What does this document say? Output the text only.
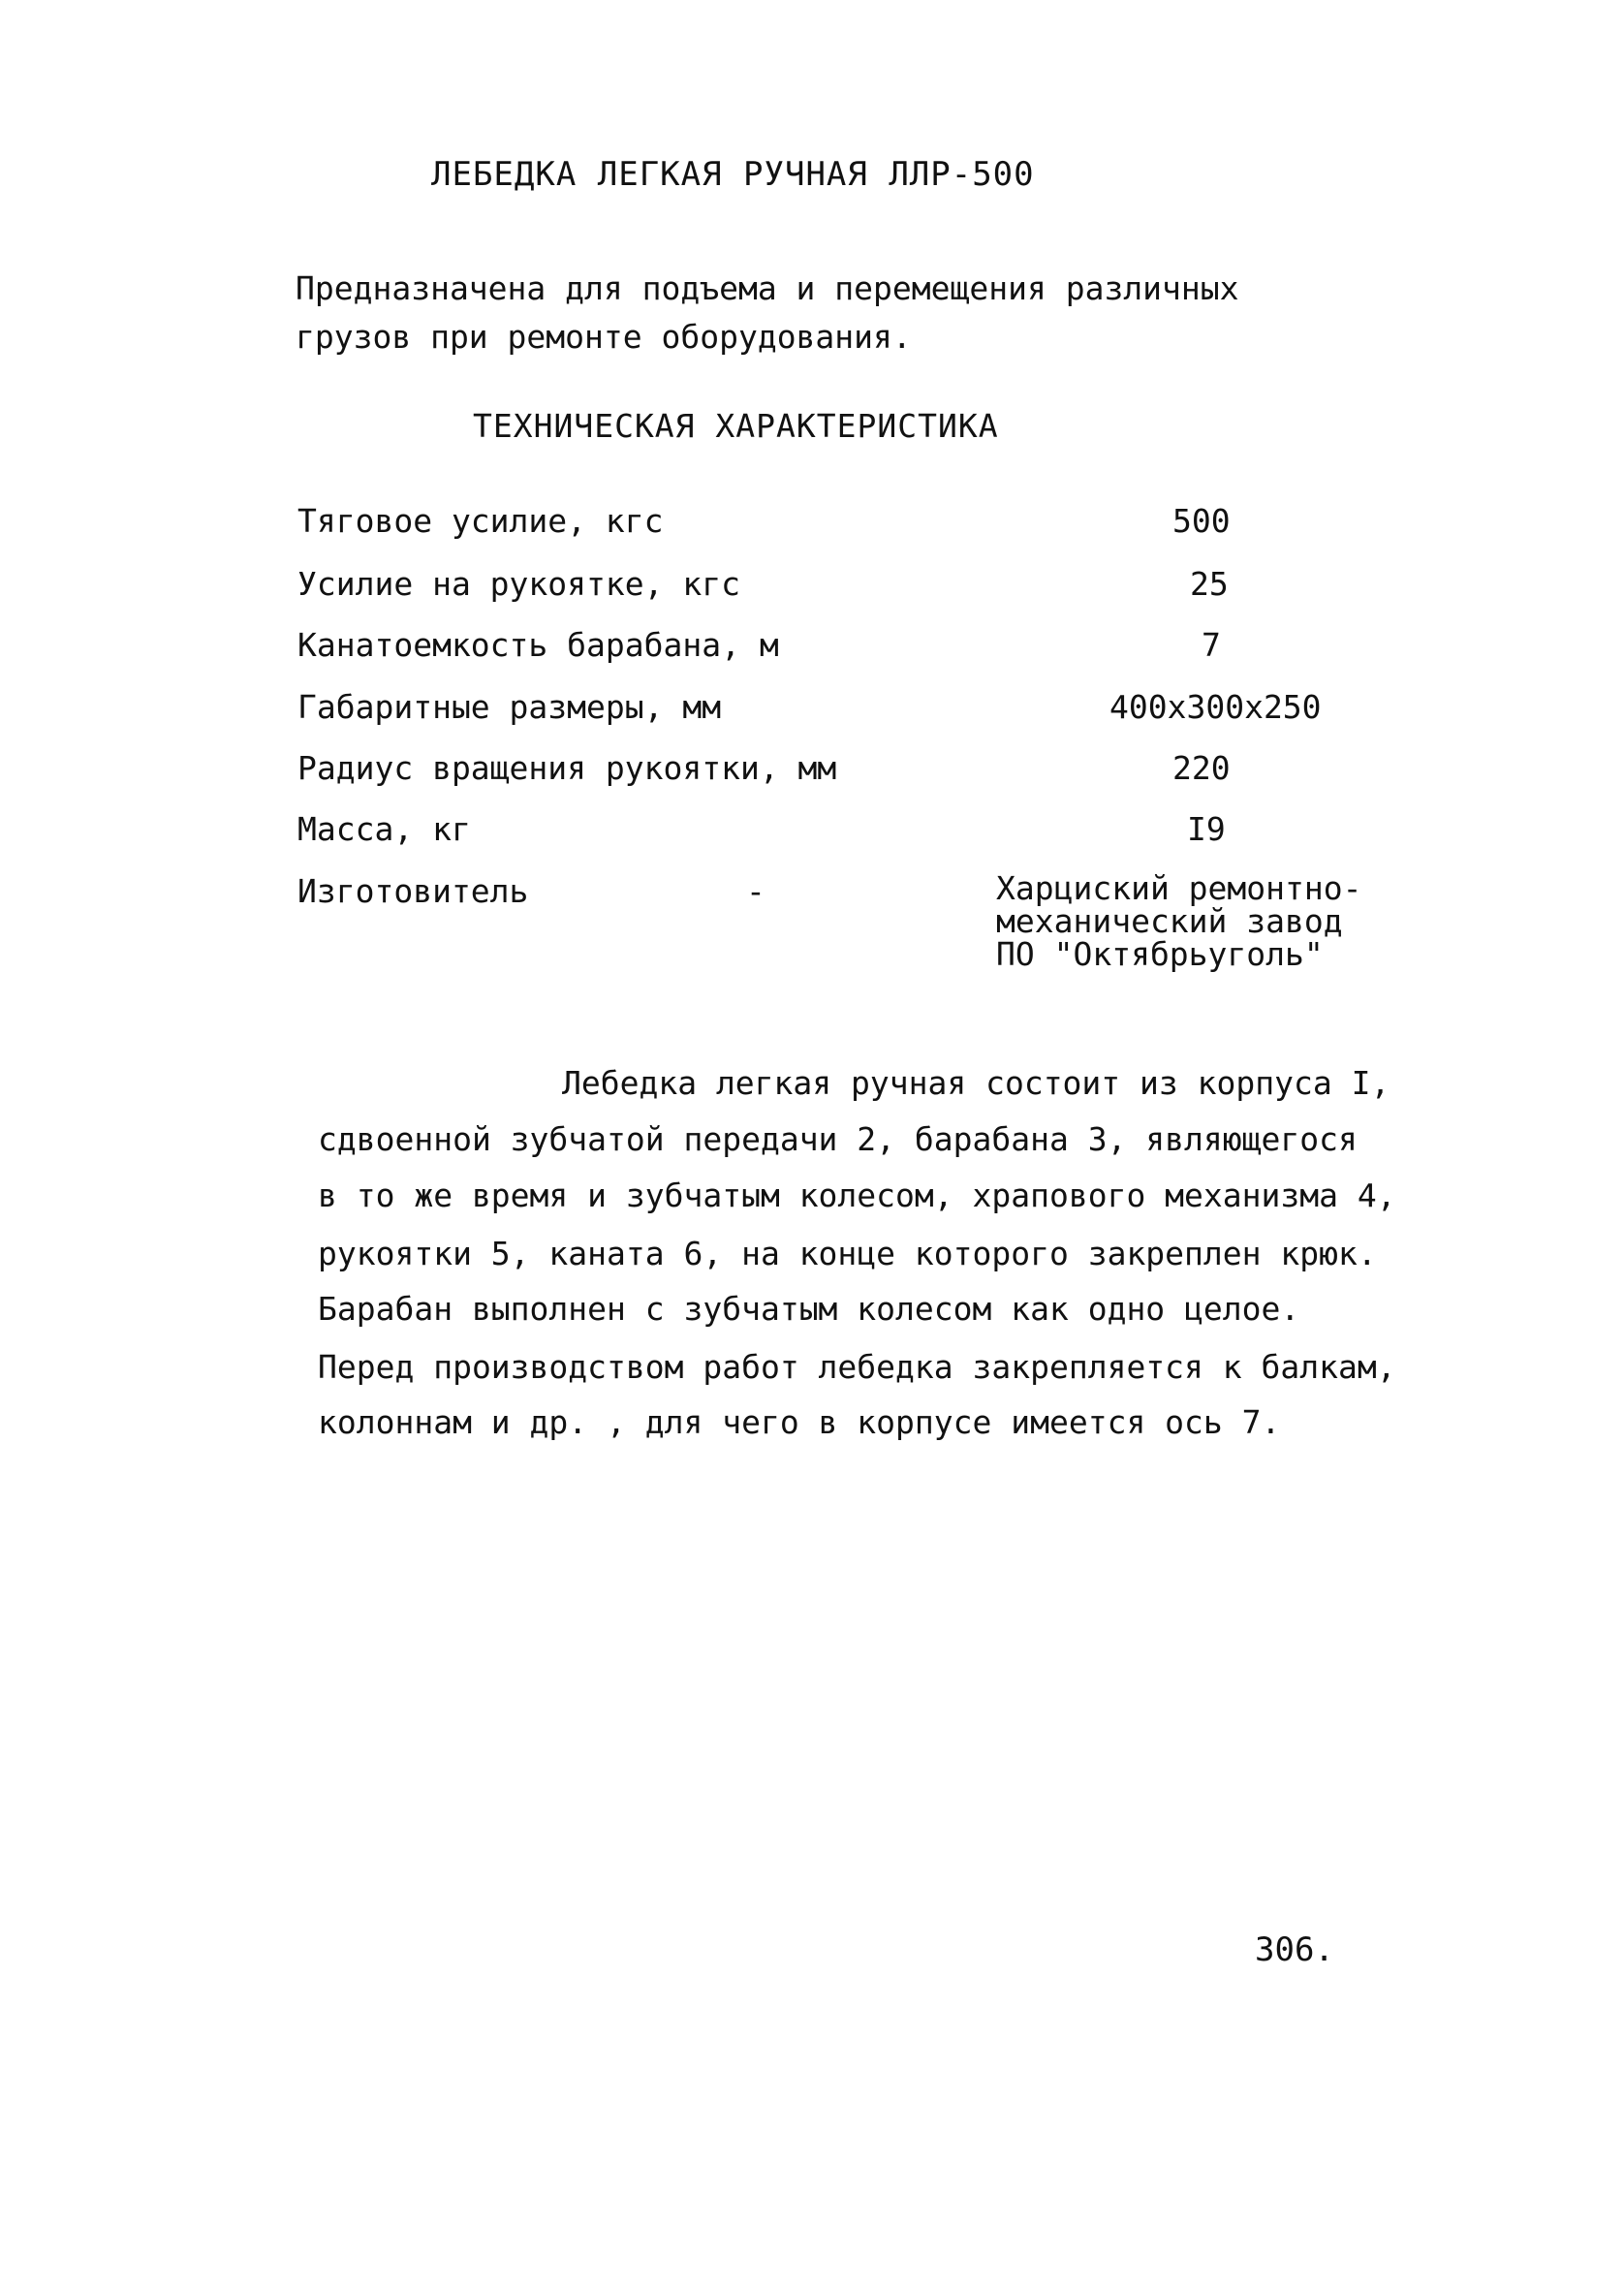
ЛЕБЕДКА ЛЕГКАЯ РУЧНАЯ ЛЛР-500
Предназначена для подъема и перемещения различных
грузов при ремонте оборудования.
ТЕХНИЧЕСКАЯ ХАРАКТЕРИСТИКА
Тяговое усилие, кгс	500
Усилие на рукоятке, кгс	25
Канатоемкость барабана, м	7
Габаритные размеры, мм	400х300х250
Радиус вращения рукоятки, мм	220
Масса, кг	I9
Изготовитель	-	Харциский ремонтно-
механический завод
ПО "Октябрьуголь"
Лебедка легкая ручная состоит из корпуса I,
сдвоенной зубчатой передачи 2, барабана 3, являющегося
в то же время и зубчатым колесом, храпового механизма 4,
рукоятки 5, каната 6, на конце которого закреплен крюк.
Барабан выполнен с зубчатым колесом как одно целое.
Перед производством работ лебедка закрепляется к балкам,
колоннам и др. , для чего в корпусе имеется ось 7.
306.
